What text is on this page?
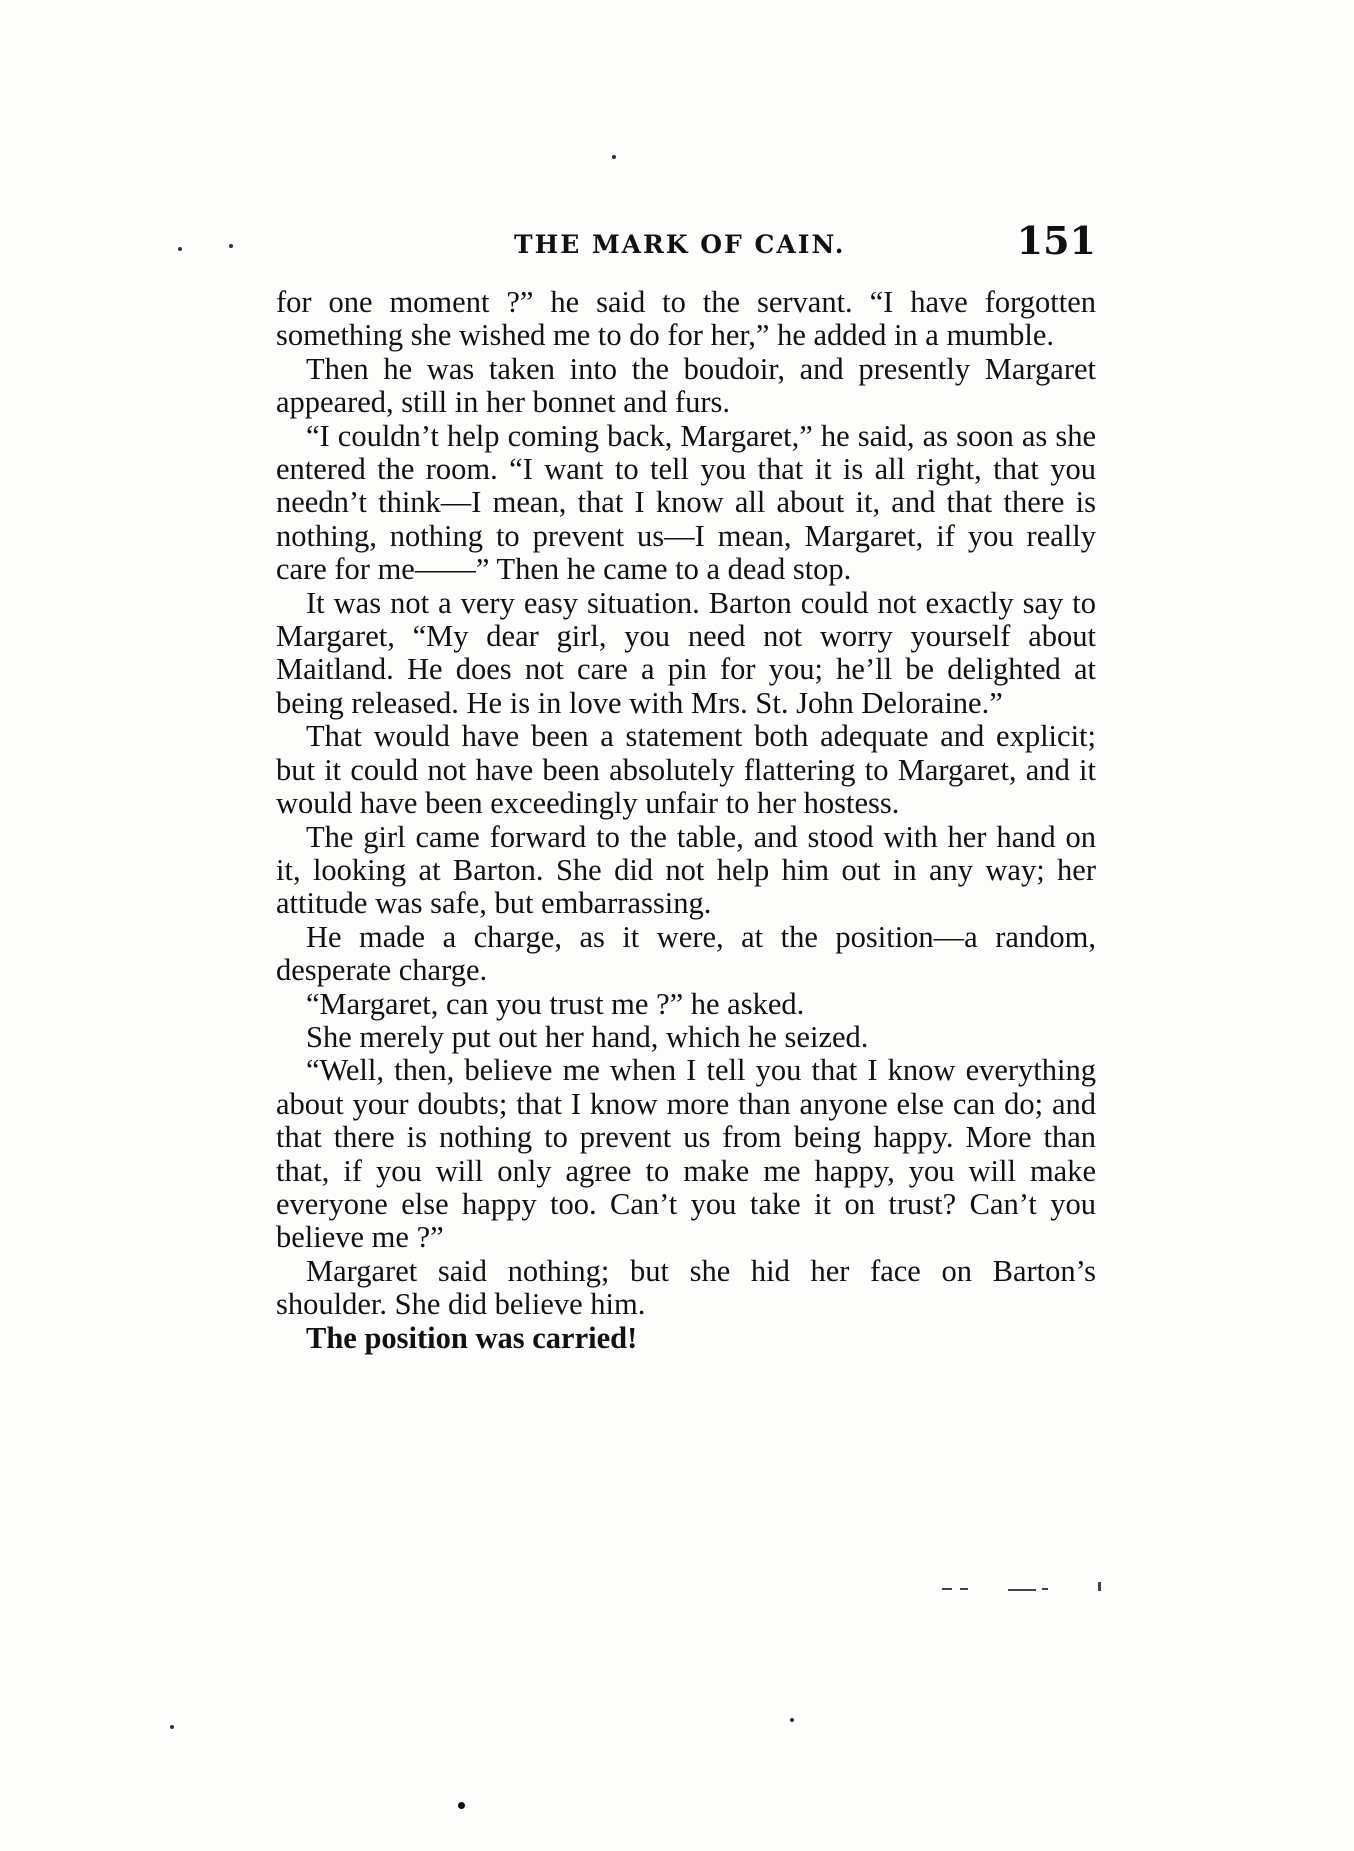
THE MARK OF CAIN.	151

for one moment ?” he said to the servant. “I have forgotten something she wished me to do for her,” he added in a mumble.

Then he was taken into the boudoir, and presently Margaret appeared, still in her bonnet and furs.

“I couldn’t help coming back, Margaret,” he said, as soon as she entered the room. “I want to tell you that it is all right, that you needn’t think—I mean, that I know all about it, and that there is nothing, nothing to prevent us—I mean, Margaret, if you really care for me——” Then he came to a dead stop.

It was not a very easy situation. Barton could not exactly say to Margaret, “My dear girl, you need not worry yourself about Maitland. He does not care a pin for you; he’ll be delighted at being released. He is in love with Mrs. St. John Deloraine.”

That would have been a statement both adequate and explicit; but it could not have been absolutely flattering to Margaret, and it would have been exceedingly unfair to her hostess.

The girl came forward to the table, and stood with her hand on it, looking at Barton. She did not help him out in any way; her attitude was safe, but embarrassing.

He made a charge, as it were, at the position—a random, desperate charge.

“Margaret, can you trust me ?” he asked.

She merely put out her hand, which he seized.

“Well, then, believe me when I tell you that I know everything about your doubts; that I know more than anyone else can do; and that there is nothing to prevent us from being happy. More than that, if you will only agree to make me happy, you will make everyone else happy too. Can’t you take it on trust? Can’t you believe me ?”

Margaret said nothing; but she hid her face on Barton’s shoulder. She did believe him.

The position was carried!
